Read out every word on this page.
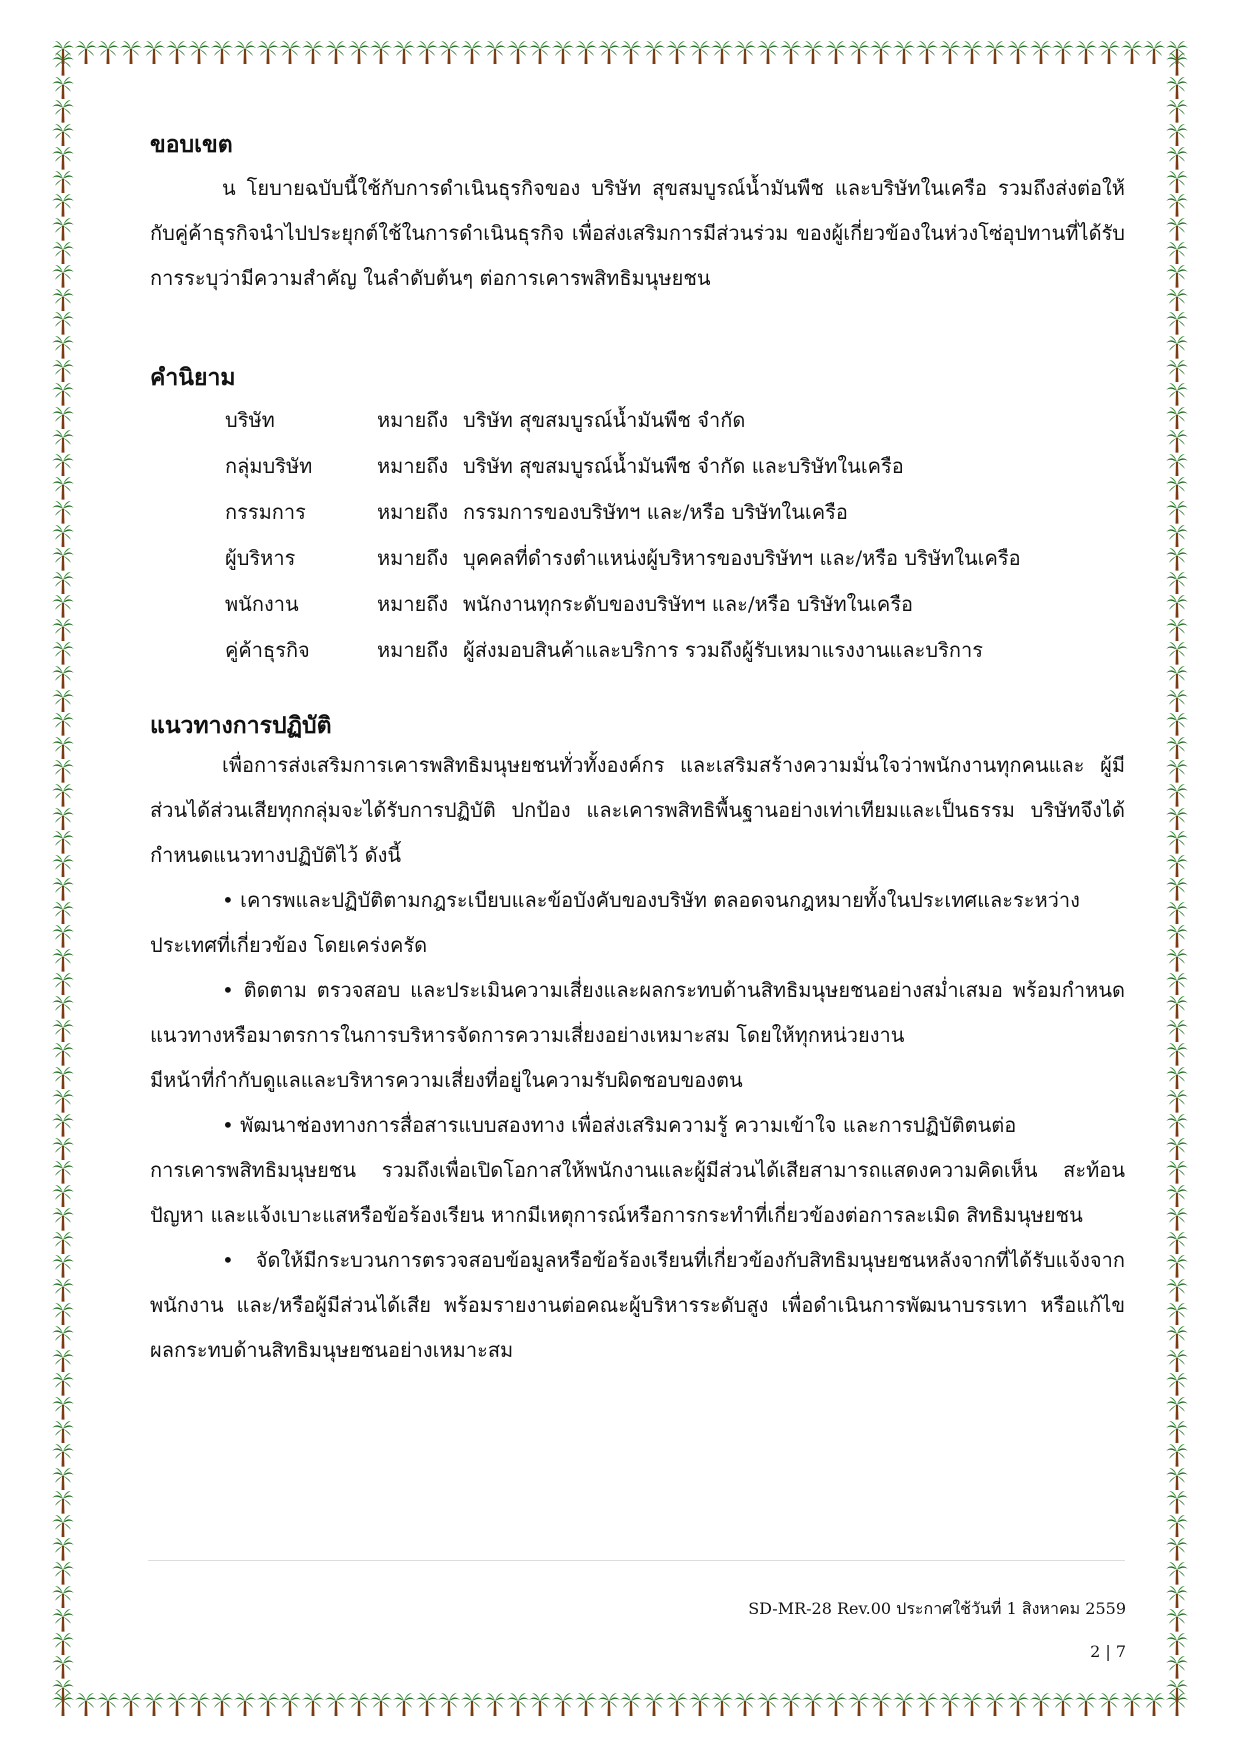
ขอบเขต

น โยบายฉบับนี้ใช้กับการดำเนินธุรกิจของ บริษัท สุขสมบูรณ์น้ำมันพืช และบริษัทในเครือ รวมถึงส่งต่อให้กับคู่ค้าธุรกิจนำไปประยุกต์ใช้ในการดำเนินธุรกิจ เพื่อส่งเสริมการมีส่วนร่วม ของผู้เกี่ยวข้องในห่วงโซ่อุปทานที่ได้รับการระบุว่ามีความสำคัญ ในลำดับต้นๆ ต่อการเคารพสิทธิมนุษยชน

คำนิยาม
บริษัท	หมายถึง บริษัท สุขสมบูรณ์น้ำมันพืช จำกัด
กลุ่มบริษัท	หมายถึง บริษัท สุขสมบูรณ์น้ำมันพืช จำกัด และบริษัทในเครือ
กรรมการ	หมายถึง กรรมการของบริษัทฯ และ/หรือ บริษัทในเครือ
ผู้บริหาร	หมายถึง บุคคลที่ดำรงตำแหน่งผู้บริหารของบริษัทฯ และ/หรือ บริษัทในเครือ
พนักงาน	หมายถึง พนักงานทุกระดับของบริษัทฯ และ/หรือ บริษัทในเครือ
คู่ค้าธุรกิจ	หมายถึง ผู้ส่งมอบสินค้าและบริการ รวมถึงผู้รับเหมาแรงงานและบริการ
แนวทางการปฏิบัติ

เพื่อการส่งเสริมการเคารพสิทธิมนุษยชนทั่วทั้งองค์กร และเสริมสร้างความมั่นใจว่าพนักงานทุกคนและ ผู้มีส่วนได้ส่วนเสียทุกกลุ่มจะได้รับการปฏิบัติ ปกป้อง และเคารพสิทธิพื้นฐานอย่างเท่าเทียมและเป็นธรรม บริษัทจึงได้กำหนดแนวทางปฏิบัติไว้ ดังนี้

• เคารพและปฏิบัติตามกฎระเบียบและข้อบังคับของบริษัท ตลอดจนกฎหมายทั้งในประเทศและระหว่าง

ประเทศที่เกี่ยวข้อง โดยเคร่งครัด

• ติดตาม ตรวจสอบ และประเมินความเสี่ยงและผลกระทบด้านสิทธิมนุษยชนอย่างสม่ำเสมอ พร้อมกำหนดแนวทางหรือมาตรการในการบริหารจัดการความเสี่ยงอย่างเหมาะสม โดยให้ทุกหน่วยงาน

มีหน้าที่กำกับดูแลและบริหารความเสี่ยงที่อยู่ในความรับผิดชอบของตน

• พัฒนาช่องทางการสื่อสารแบบสองทาง เพื่อส่งเสริมความรู้ ความเข้าใจ และการปฏิบัติตนต่อ

การเคารพสิทธิมนุษยชน รวมถึงเพื่อเปิดโอกาสให้พนักงานและผู้มีส่วนได้เสียสามารถแสดงความคิดเห็น สะท้อนปัญหา และแจ้งเบาะแสหรือข้อร้องเรียน หากมีเหตุการณ์หรือการกระทำที่เกี่ยวข้องต่อการละเมิด สิทธิมนุษยชน

• จัดให้มีกระบวนการตรวจสอบข้อมูลหรือข้อร้องเรียนที่เกี่ยวข้องกับสิทธิมนุษยชนหลังจากที่ได้รับแจ้งจากพนักงาน และ/หรือผู้มีส่วนได้เสีย พร้อมรายงานต่อคณะผู้บริหารระดับสูง เพื่อดำเนินการพัฒนาบรรเทา หรือแก้ไขผลกระทบด้านสิทธิมนุษยชนอย่างเหมาะสม

SD-MR-28 Rev.00 ประกาศใช้วันที่ 1 สิงหาคม 2559
2 | 7
